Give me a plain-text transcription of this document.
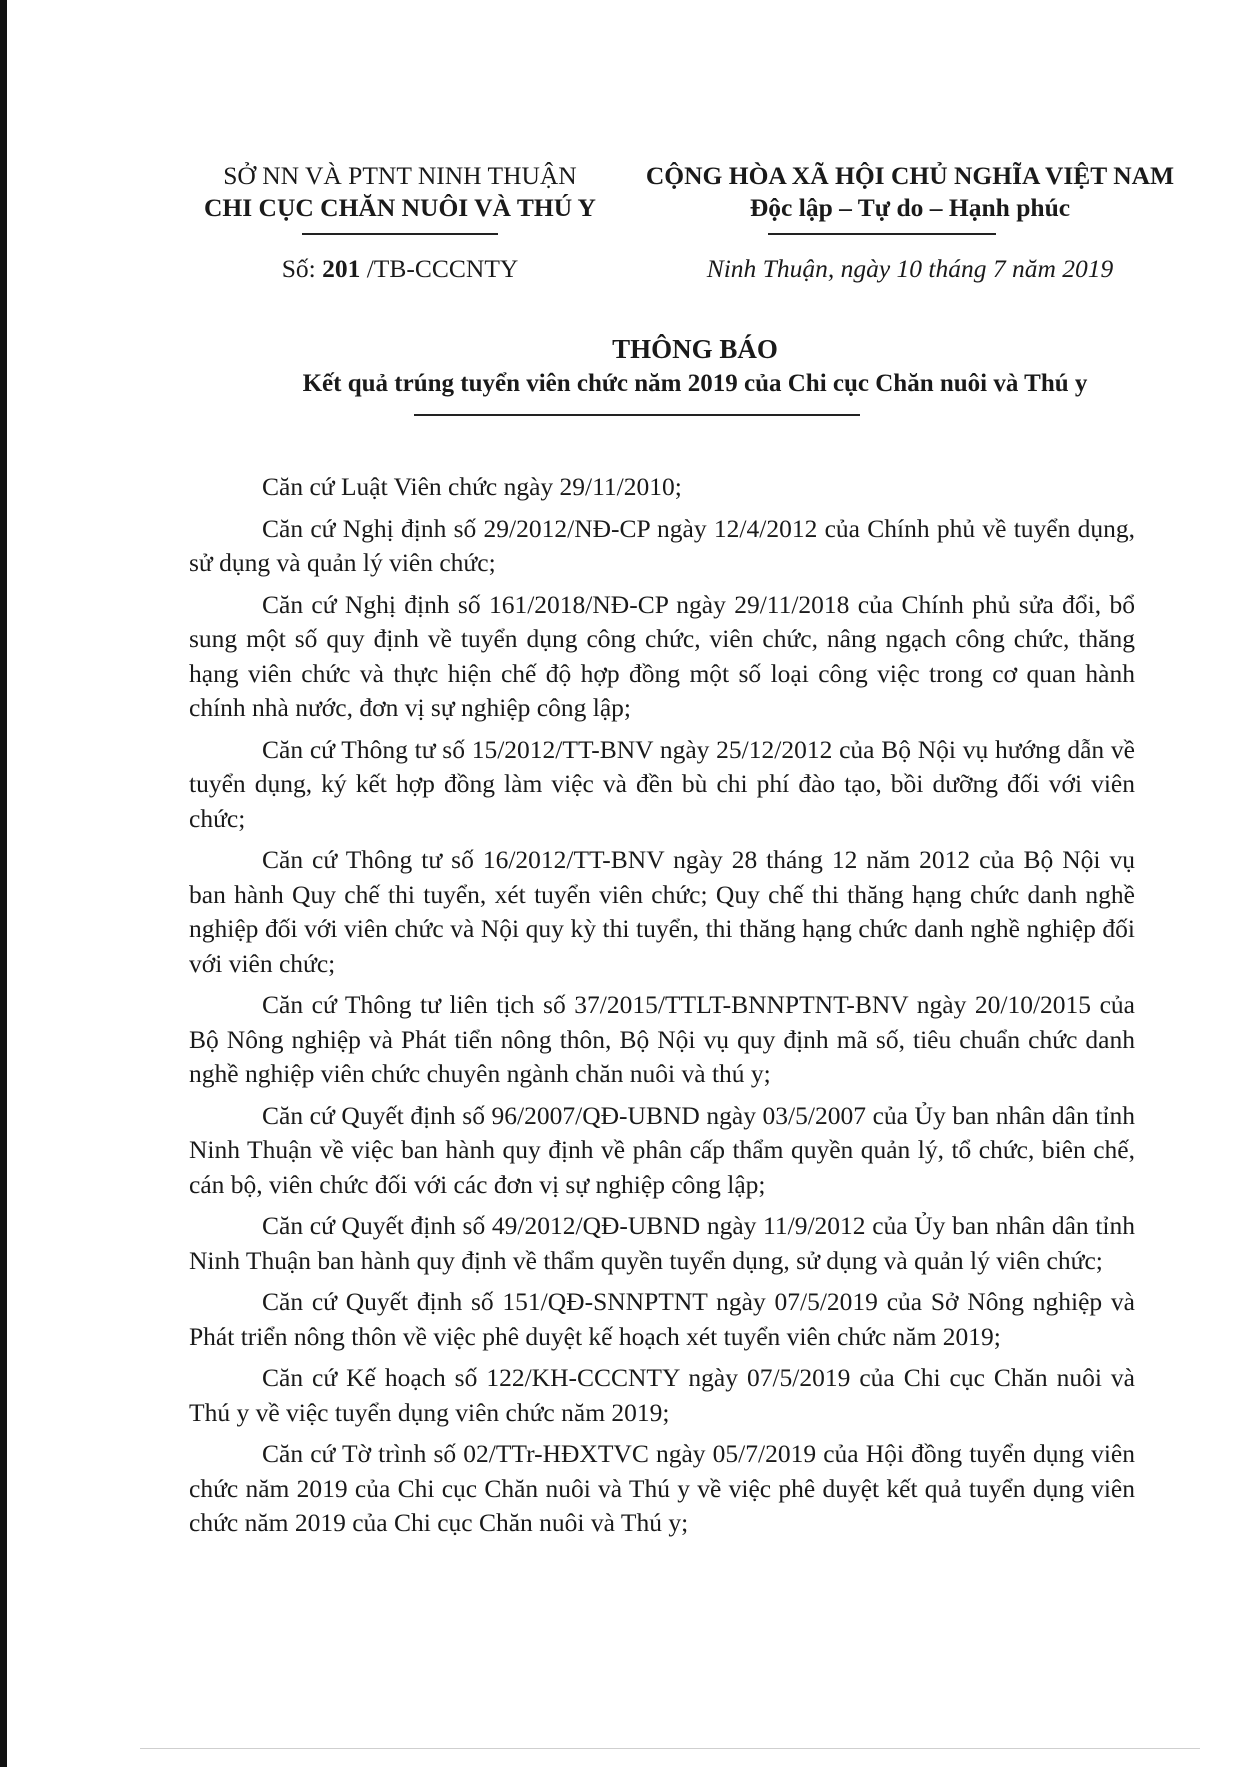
SỞ NN VÀ PTNT NINH THUẬN
CHI CỤC CHĂN NUÔI VÀ THÚ Y
CỘNG HÒA XÃ HỘI CHỦ NGHĨA VIỆT NAM
Độc lập – Tự do – Hạnh phúc
Số: 201 /TB-CCCNTY	Ninh Thuận, ngày 10 tháng 7 năm 2019
THÔNG BÁO
Kết quả trúng tuyển viên chức năm 2019 của Chi cục Chăn nuôi và Thú y

Căn cứ Luật Viên chức ngày 29/11/2010;

Căn cứ Nghị định số 29/2012/NĐ-CP ngày 12/4/2012 của Chính phủ về tuyển dụng, sử dụng và quản lý viên chức;

Căn cứ Nghị định số 161/2018/NĐ-CP ngày 29/11/2018 của Chính phủ sửa đổi, bổ sung một số quy định về tuyển dụng công chức, viên chức, nâng ngạch công chức, thăng hạng viên chức và thực hiện chế độ hợp đồng một số loại công việc trong cơ quan hành chính nhà nước, đơn vị sự nghiệp công lập;

Căn cứ Thông tư số 15/2012/TT-BNV ngày 25/12/2012 của Bộ Nội vụ hướng dẫn về tuyển dụng, ký kết hợp đồng làm việc và đền bù chi phí đào tạo, bồi dưỡng đối với viên chức;

Căn cứ Thông tư số 16/2012/TT-BNV ngày 28 tháng 12 năm 2012 của Bộ Nội vụ ban hành Quy chế thi tuyển, xét tuyển viên chức; Quy chế thi thăng hạng chức danh nghề nghiệp đối với viên chức và Nội quy kỳ thi tuyển, thi thăng hạng chức danh nghề nghiệp đối với viên chức;

Căn cứ Thông tư liên tịch số 37/2015/TTLT-BNNPTNT-BNV ngày 20/10/2015 của Bộ Nông nghiệp và Phát tiển nông thôn, Bộ Nội vụ quy định mã số, tiêu chuẩn chức danh nghề nghiệp viên chức chuyên ngành chăn nuôi và thú y;

Căn cứ Quyết định số 96/2007/QĐ-UBND ngày 03/5/2007 của Ủy ban nhân dân tỉnh Ninh Thuận về việc ban hành quy định về phân cấp thẩm quyền quản lý, tổ chức, biên chế, cán bộ, viên chức đối với các đơn vị sự nghiệp công lập;

Căn cứ Quyết định số 49/2012/QĐ-UBND ngày 11/9/2012 của Ủy ban nhân dân tỉnh Ninh Thuận ban hành quy định về thẩm quyền tuyển dụng, sử dụng và quản lý viên chức;

Căn cứ Quyết định số 151/QĐ-SNNPTNT ngày 07/5/2019 của Sở Nông nghiệp và Phát triển nông thôn về việc phê duyệt kế hoạch xét tuyển viên chức năm 2019;

Căn cứ Kế hoạch số 122/KH-CCCNTY ngày 07/5/2019 của Chi cục Chăn nuôi và Thú y về việc tuyển dụng viên chức năm 2019;

Căn cứ Tờ trình số 02/TTr-HĐXTVC ngày 05/7/2019 của Hội đồng tuyển dụng viên chức năm 2019 của Chi cục Chăn nuôi và Thú y về việc phê duyệt kết quả tuyển dụng viên chức năm 2019 của Chi cục Chăn nuôi và Thú y;
